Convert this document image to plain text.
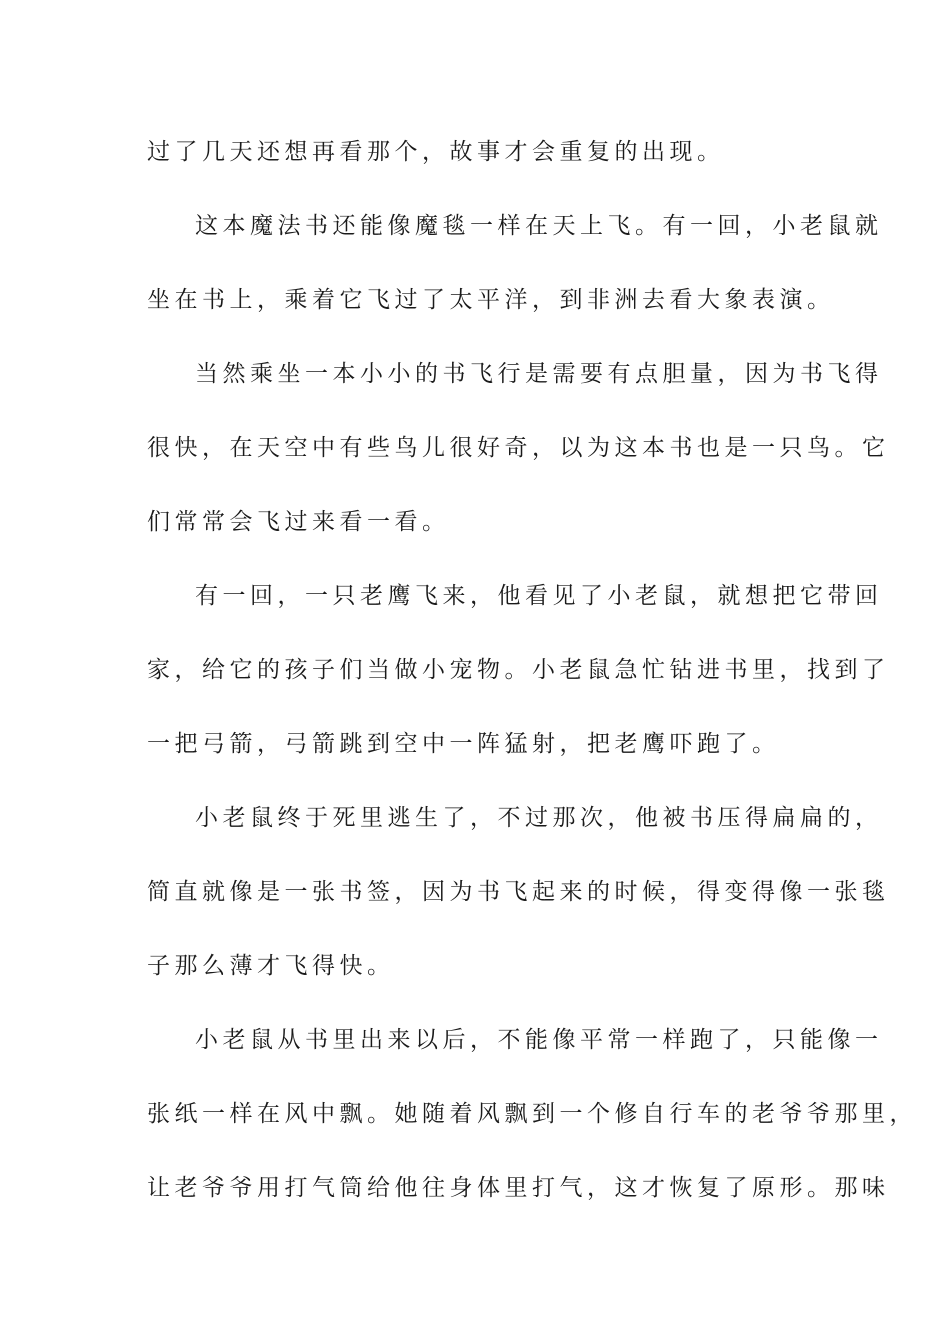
过了几天还想再看那个，故事才会重复的出现。
这本魔法书还能像魔毯一样在天上飞。有一回，小老鼠就
坐在书上，乘着它飞过了太平洋，到非洲去看大象表演。
当然乘坐一本小小的书飞行是需要有点胆量，因为书飞得
很快，在天空中有些鸟儿很好奇，以为这本书也是一只鸟。它
们常常会飞过来看一看。
有一回，一只老鹰飞来，他看见了小老鼠，就想把它带回
家，给它的孩子们当做小宠物。小老鼠急忙钻进书里，找到了
一把弓箭，弓箭跳到空中一阵猛射，把老鹰吓跑了。
小老鼠终于死里逃生了，不过那次，他被书压得扁扁的，
简直就像是一张书签，因为书飞起来的时候，得变得像一张毯
子那么薄才飞得快。
小老鼠从书里出来以后，不能像平常一样跑了，只能像一
张纸一样在风中飘。她随着风飘到一个修自行车的老爷爷那里，
让老爷爷用打气筒给他往身体里打气，这才恢复了原形。那味
